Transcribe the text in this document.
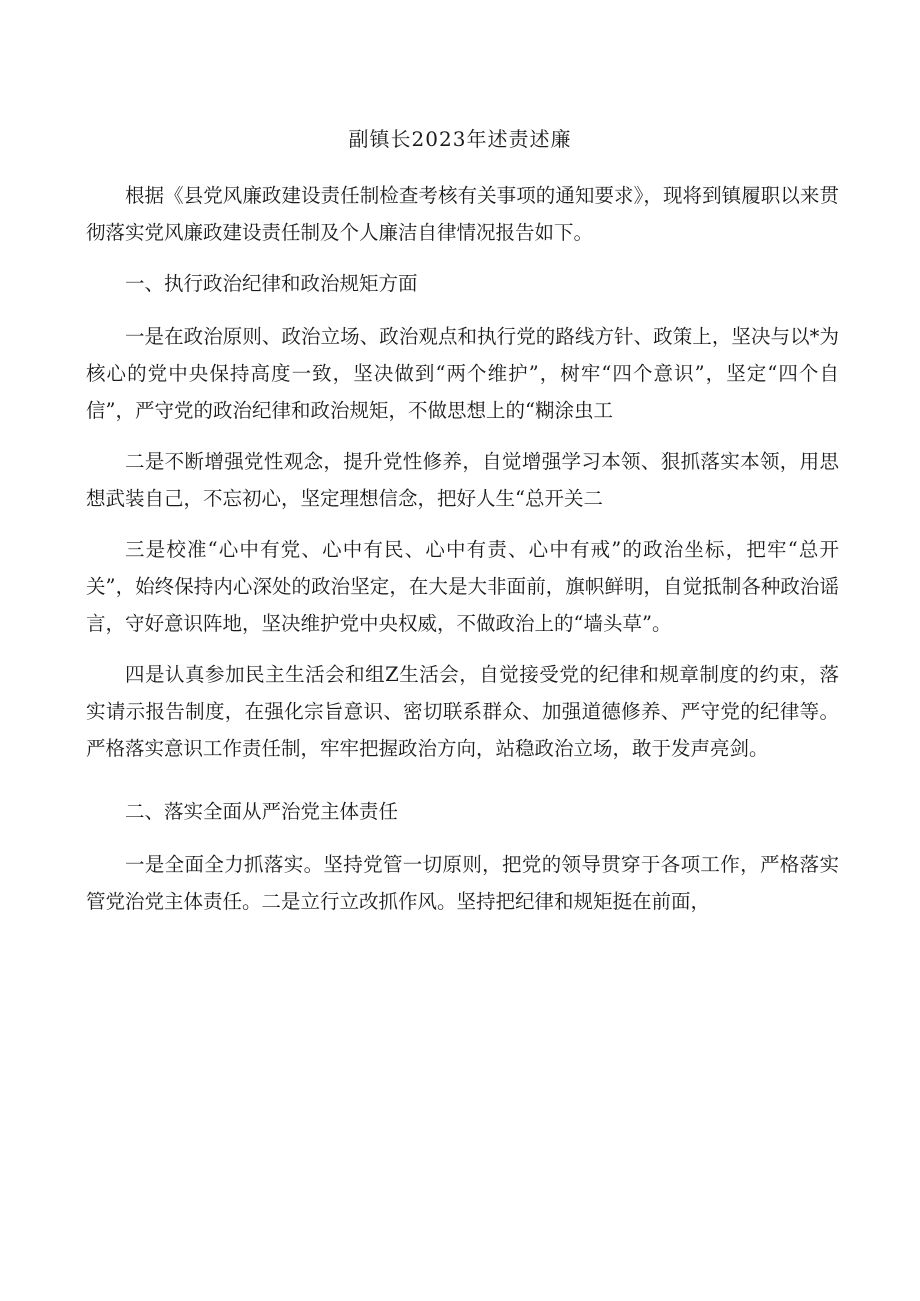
副镇长2023年述责述廉

根据《县党风廉政建设责任制检查考核有关事项的通知要求》，现将到镇履职以来贯彻落实党风廉政建设责任制及个人廉洁自律情况报告如下。

一、执行政治纪律和政治规矩方面

一是在政治原则、政治立场、政治观点和执行党的路线方针、政策上，坚决与以*为核心的党中央保持高度一致，坚决做到“两个维护”，树牢“四个意识”，坚定“四个自信”，严守党的政治纪律和政治规矩，不做思想上的“糊涂虫工

二是不断增强党性观念，提升党性修养，自觉增强学习本领、狠抓落实本领，用思想武装自己，不忘初心，坚定理想信念，把好人生“总开关二

三是校准“心中有党、心中有民、心中有责、心中有戒”的政治坐标，把牢“总开关”，始终保持内心深处的政治坚定，在大是大非面前，旗帜鲜明，自觉抵制各种政治谣言，守好意识阵地，坚决维护党中央权威，不做政治上的“墙头草”。

四是认真参加民主生活会和组Z生活会，自觉接受党的纪律和规章制度的约束，落实请示报告制度，在强化宗旨意识、密切联系群众、加强道德修养、严守党的纪律等。严格落实意识工作责任制，牢牢把握政治方向，站稳政治立场，敢于发声亮剑。

二、落实全面从严治党主体责任

一是全面全力抓落实。坚持党管一切原则，把党的领导贯穿于各项工作，严格落实管党治党主体责任。二是立行立改抓作风。坚持把纪律和规矩挺在前面，
